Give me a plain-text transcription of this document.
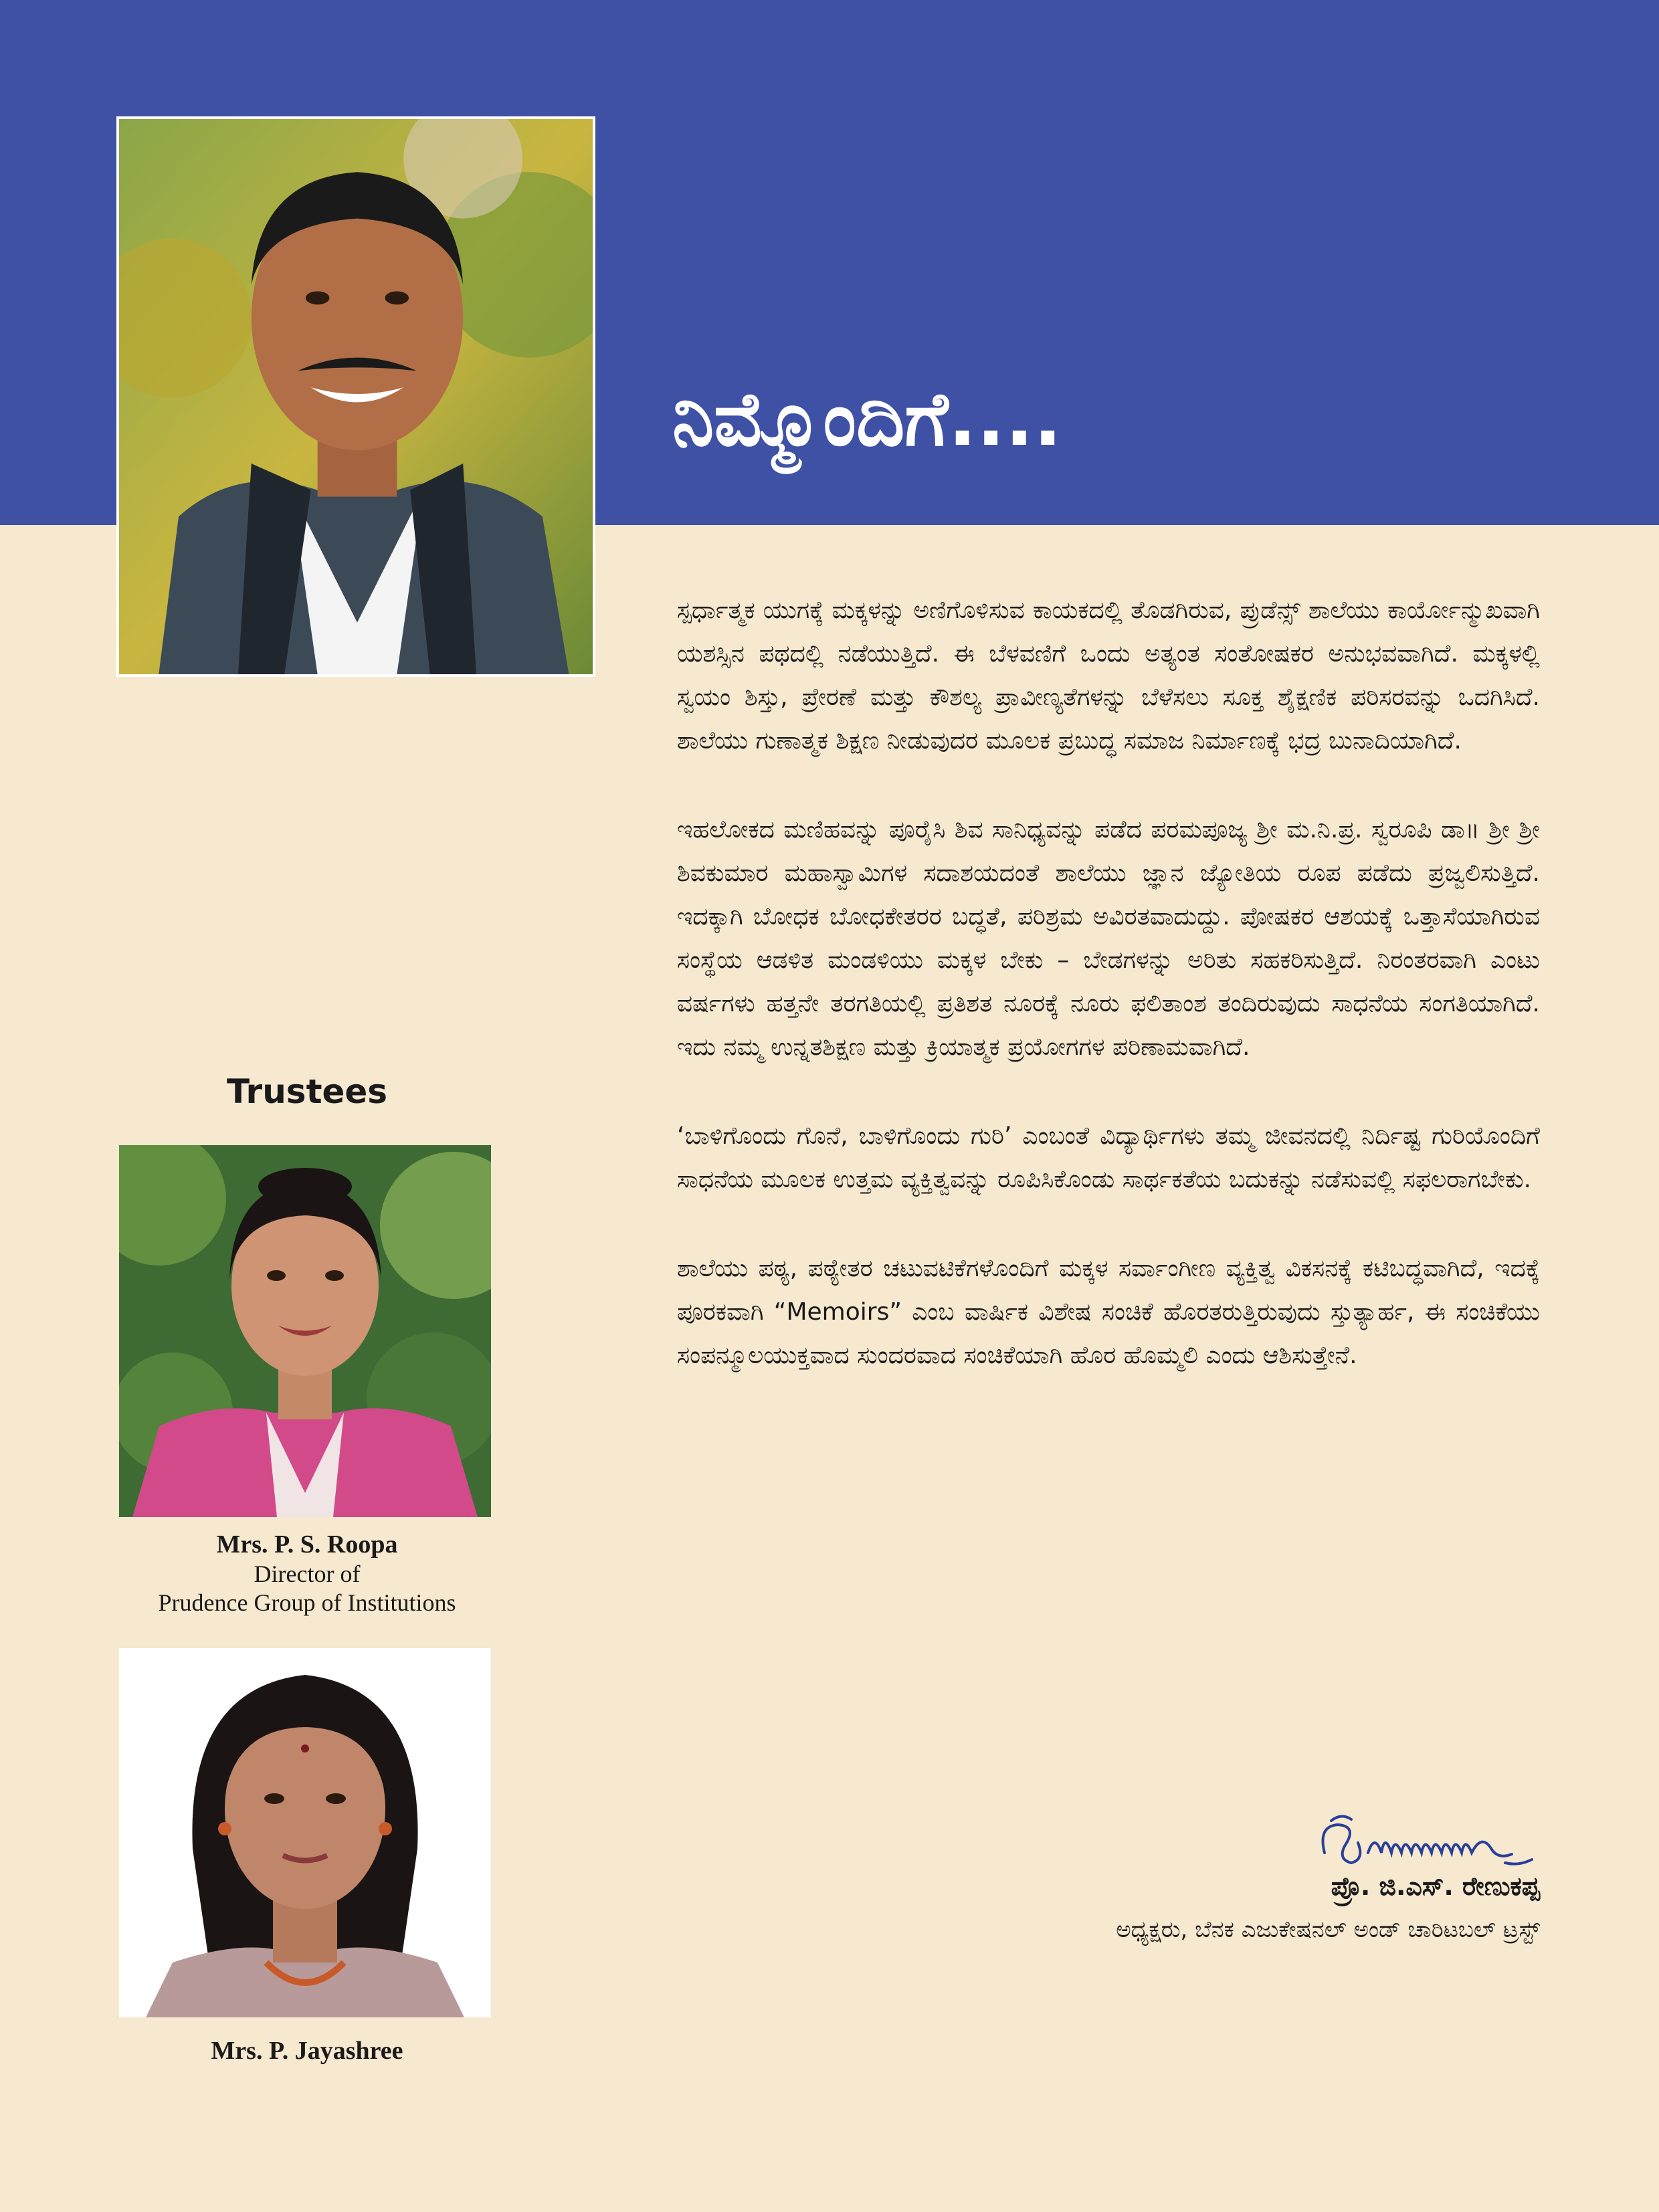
ನಿಮ್ಮೊಂದಿಗೆ....

ಸ್ಪರ್ಧಾತ್ಮಕ ಯುಗಕ್ಕೆ ಮಕ್ಕಳನ್ನು ಅಣಿಗೊಳಿಸುವ ಕಾಯಕದಲ್ಲಿ ತೊಡಗಿರುವ, ಪ್ರುಡೆನ್ಸ್ ಶಾಲೆಯು ಕಾರ್ಯೋನ್ಮುಖವಾಗಿ ಯಶಸ್ಸಿನ ಪಥದಲ್ಲಿ ನಡೆಯುತ್ತಿದೆ. ಈ ಬೆಳವಣಿಗೆ ಒಂದು ಅತ್ಯಂತ ಸಂತೋಷಕರ ಅನುಭವವಾಗಿದೆ. ಮಕ್ಕಳಲ್ಲಿ ಸ್ವಯಂ ಶಿಸ್ತು, ಪ್ರೇರಣೆ ಮತ್ತು ಕೌಶಲ್ಯ ಪ್ರಾವೀಣ್ಯತೆಗಳನ್ನು ಬೆಳೆಸಲು ಸೂಕ್ತ ಶೈಕ್ಷಣಿಕ ಪರಿಸರವನ್ನು ಒದಗಿಸಿದೆ. ಶಾಲೆಯು ಗುಣಾತ್ಮಕ ಶಿಕ್ಷಣ ನೀಡುವುದರ ಮೂಲಕ ಪ್ರಬುದ್ಧ ಸಮಾಜ ನಿರ್ಮಾಣಕ್ಕೆ ಭದ್ರ ಬುನಾದಿಯಾಗಿದೆ.

ಇಹಲೋಕದ ಮಣಿಹವನ್ನು ಪೂರೈಸಿ ಶಿವ ಸಾನಿಧ್ಯವನ್ನು ಪಡೆದ ಪರಮಪೂಜ್ಯ ಶ್ರೀ ಮ.ನಿ.ಪ್ರ. ಸ್ವರೂಪಿ ಡಾ॥ ಶ್ರೀ ಶ್ರೀ ಶಿವಕುಮಾರ ಮಹಾಸ್ವಾಮಿಗಳ ಸದಾಶಯದಂತೆ ಶಾಲೆಯು ಜ್ಞಾನ ಜ್ಯೋತಿಯ ರೂಪ ಪಡೆದು ಪ್ರಜ್ವಲಿಸುತ್ತಿದೆ. ಇದಕ್ಕಾಗಿ ಬೋಧಕ ಬೋಧಕೇತರರ ಬದ್ಧತೆ, ಪರಿಶ್ರಮ ಅವಿರತವಾದುದ್ದು. ಪೋಷಕರ ಆಶಯಕ್ಕೆ ಒತ್ತಾಸೆಯಾಗಿರುವ ಸಂಸ್ಥೆಯ ಆಡಳಿತ ಮಂಡಳಿಯು ಮಕ್ಕಳ ಬೇಕು – ಬೇಡಗಳನ್ನು ಅರಿತು ಸಹಕರಿಸುತ್ತಿದೆ. ನಿರಂತರವಾಗಿ ಎಂಟು ವರ್ಷಗಳು ಹತ್ತನೇ ತರಗತಿಯಲ್ಲಿ ಪ್ರತಿಶತ ನೂರಕ್ಕೆ ನೂರು ಫಲಿತಾಂಶ ತಂದಿರುವುದು ಸಾಧನೆಯ ಸಂಗತಿಯಾಗಿದೆ. ಇದು ನಮ್ಮ ಉನ್ನತಶಿಕ್ಷಣ ಮತ್ತು ಕ್ರಿಯಾತ್ಮಕ ಪ್ರಯೋಗಗಳ ಪರಿಣಾಮವಾಗಿದೆ.

‘ಬಾಳಿಗೊಂದು ಗೊನೆ, ಬಾಳಿಗೊಂದು ಗುರಿ’ ಎಂಬಂತೆ ವಿದ್ಯಾರ್ಥಿಗಳು ತಮ್ಮ ಜೀವನದಲ್ಲಿ ನಿರ್ದಿಷ್ಟ ಗುರಿಯೊಂದಿಗೆ ಸಾಧನೆಯ ಮೂಲಕ ಉತ್ತಮ ವ್ಯಕ್ತಿತ್ವವನ್ನು ರೂಪಿಸಿಕೊಂಡು ಸಾರ್ಥಕತೆಯ ಬದುಕನ್ನು ನಡೆಸುವಲ್ಲಿ ಸಫಲರಾಗಬೇಕು.

ಶಾಲೆಯು ಪಠ್ಯ, ಪಠ್ಯೇತರ ಚಟುವಟಿಕೆಗಳೊಂದಿಗೆ ಮಕ್ಕಳ ಸರ್ವಾಂಗೀಣ ವ್ಯಕ್ತಿತ್ವ ವಿಕಸನಕ್ಕೆ ಕಟಿಬದ್ಧವಾಗಿದೆ, ಇದಕ್ಕೆ ಪೂರಕವಾಗಿ “Memoirs” ಎಂಬ ವಾರ್ಷಿಕ ವಿಶೇಷ ಸಂಚಿಕೆ ಹೊರತರುತ್ತಿರುವುದು ಸ್ತುತ್ಯಾರ್ಹ, ಈ ಸಂಚಿಕೆಯು ಸಂಪನ್ಮೂಲಯುಕ್ತವಾದ ಸುಂದರವಾದ ಸಂಚಿಕೆಯಾಗಿ ಹೊರ ಹೊಮ್ಮಲಿ ಎಂದು ಆಶಿಸುತ್ತೇನೆ.

Trustees
Mrs. P. S. Roopa
Director of
Prudence Group of Institutions
Mrs. P. Jayashree
ಪ್ರೊ. ಜಿ.ಎಸ್. ರೇಣುಕಪ್ಪ
ಅಧ್ಯಕ್ಷರು, ಬೆನಕ ಎಜುಕೇಷನಲ್ ಅಂಡ್ ಚಾರಿಟಬಲ್ ಟ್ರಸ್ಟ್
